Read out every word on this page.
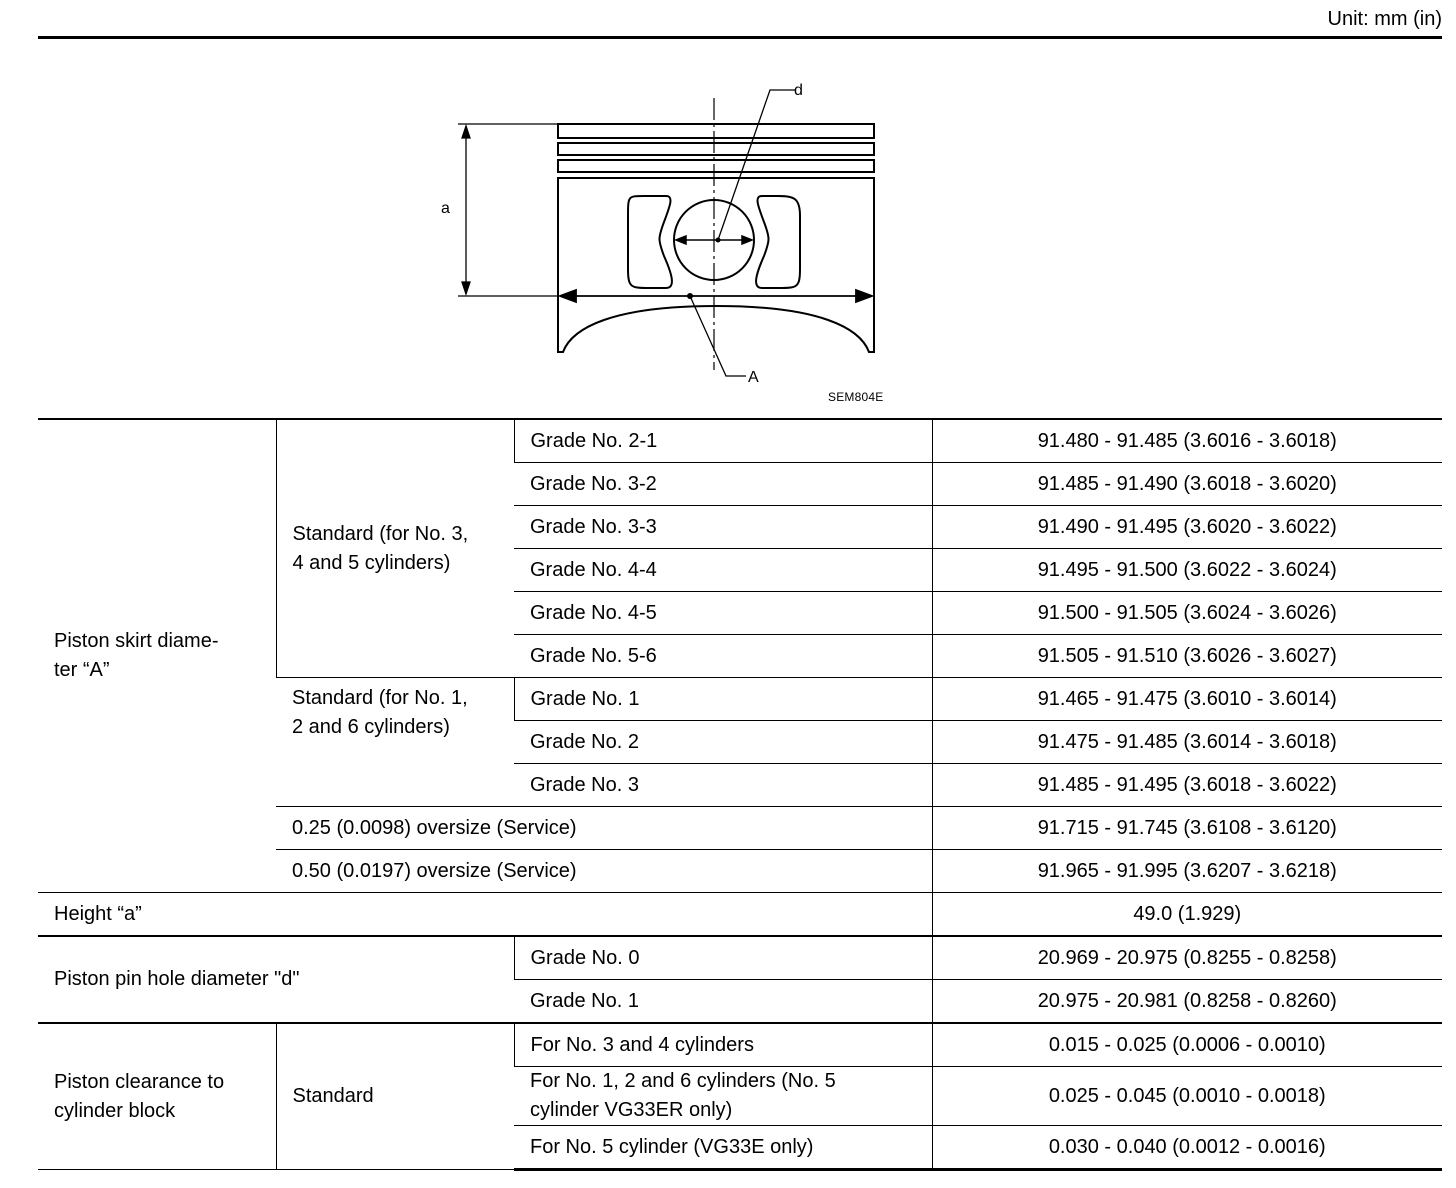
Unit: mm (in)
d
a
A
SEM804E
Piston skirt diame-
ter “A”	Standard (for No. 3,
4 and 5 cylinders)	Grade No. 2-1	91.480 - 91.485 (3.6016 - 3.6018)
		Grade No. 3-2	91.485 - 91.490 (3.6018 - 3.6020)
		Grade No. 3-3	91.490 - 91.495 (3.6020 - 3.6022)
		Grade No. 4-4	91.495 - 91.500 (3.6022 - 3.6024)
		Grade No. 4-5	91.500 - 91.505 (3.6024 - 3.6026)
		Grade No. 5-6	91.505 - 91.510 (3.6026 - 3.6027)
	Standard (for No. 1,
2 and 6 cylinders)	Grade No. 1	91.465 - 91.475 (3.6010 - 3.6014)
		Grade No. 2	91.475 - 91.485 (3.6014 - 3.6018)
		Grade No. 3	91.485 - 91.495 (3.6018 - 3.6022)
	0.25 (0.0098) oversize (Service)		91.715 - 91.745 (3.6108 - 3.6120)
	0.50 (0.0197) oversize (Service)		91.965 - 91.995 (3.6207 - 3.6218)
Height “a”			49.0 (1.929)
Piston pin hole diameter "d"		Grade No. 0	20.969 - 20.975 (0.8255 - 0.8258)
		Grade No. 1	20.975 - 20.981 (0.8258 - 0.8260)
Piston clearance to
cylinder block	Standard	For No. 3 and 4 cylinders	0.015 - 0.025 (0.0006 - 0.0010)
		For No. 1, 2 and 6 cylinders (No. 5
cylinder VG33ER only)	0.025 - 0.045 (0.0010 - 0.0018)
		For No. 5 cylinder (VG33E only)	0.030 - 0.040 (0.0012 - 0.0016)
